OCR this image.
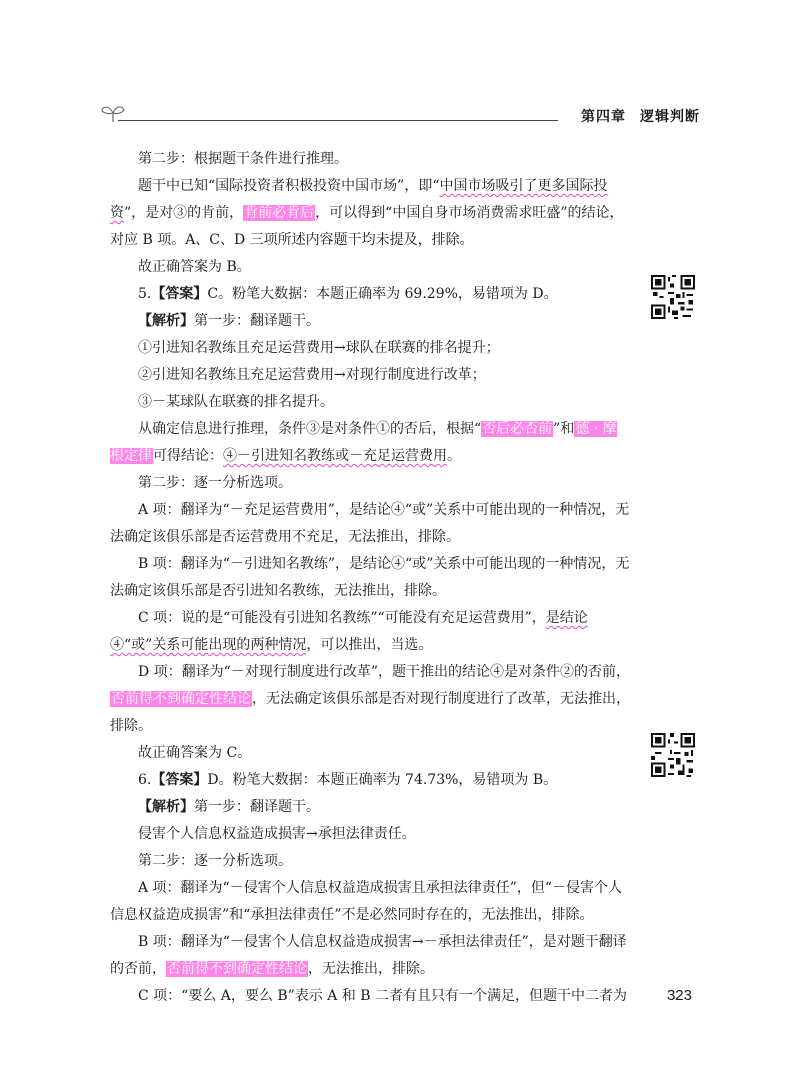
第四章 逻辑判断

第二步：根据题干条件进行推理。

题干中已知“国际投资者积极投资中国市场”，即“中国市场吸引了更多国际投资”，是对③的肯前，肯前必肯后，可以得到“中国自身市场消费需求旺盛”的结论，对应 B 项。A、C、D 三项所述内容题干均未提及，排除。

故正确答案为 B。

5.【答案】C。粉笔大数据：本题正确率为 69.29%，易错项为 D。

【解析】第一步：翻译题干。

①引进知名教练且充足运营费用→球队在联赛的排名提升；

②引进知名教练且充足运营费用→对现行制度进行改革；

③－某球队在联赛的排名提升。

从确定信息进行推理，条件③是对条件①的否后，根据“否后必否前”和德 · 摩根定律可得结论：④－引进知名教练或－充足运营费用。

第二步：逐一分析选项。

A 项：翻译为“－充足运营费用”，是结论④“或”关系中可能出现的一种情况，无法确定该俱乐部是否运营费用不充足，无法推出，排除。

B 项：翻译为“－引进知名教练”，是结论④“或”关系中可能出现的一种情况，无法确定该俱乐部是否引进知名教练，无法推出，排除。

C 项：说的是“可能没有引进知名教练”“可能没有充足运营费用”，是结论④“或”关系可能出现的两种情况，可以推出，当选。

D 项：翻译为“－对现行制度进行改革”，题干推出的结论④是对条件②的否前，否前得不到确定性结论，无法确定该俱乐部是否对现行制度进行了改革，无法推出，排除。

故正确答案为 C。

6.【答案】D。粉笔大数据：本题正确率为 74.73%，易错项为 B。

【解析】第一步：翻译题干。

侵害个人信息权益造成损害→承担法律责任。

第二步：逐一分析选项。

A 项：翻译为“－侵害个人信息权益造成损害且承担法律责任”，但“－侵害个人信息权益造成损害”和“承担法律责任”不是必然同时存在的，无法推出，排除。

B 项：翻译为“－侵害个人信息权益造成损害→－承担法律责任”，是对题干翻译的否前，否前得不到确定性结论，无法推出，排除。

C 项：“要么 A，要么 B”表示 A 和 B 二者有且只有一个满足，但题干中二者为	323
